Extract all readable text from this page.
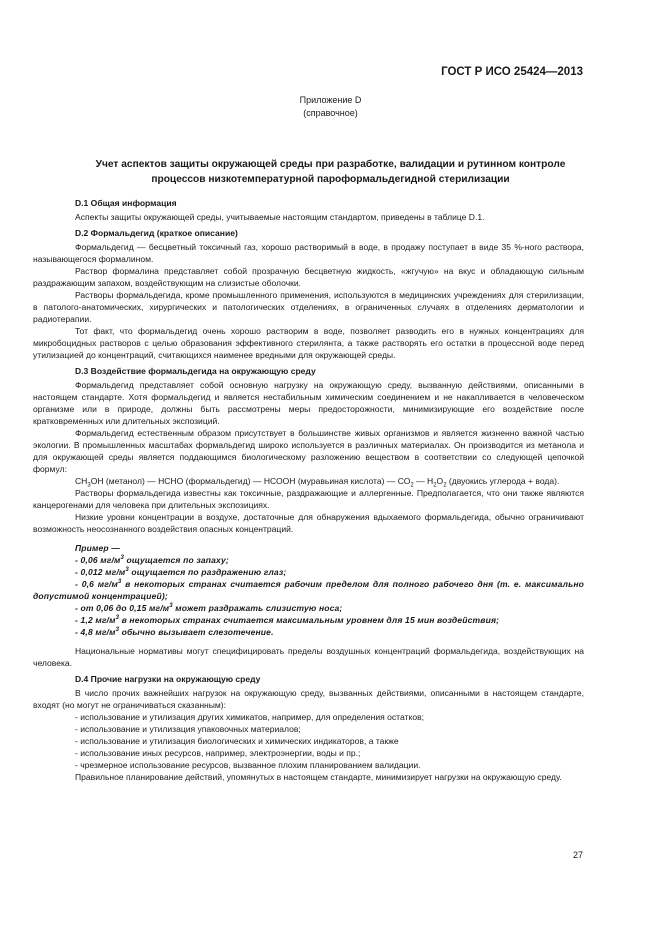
ГОСТ Р ИСО 25424—2013
Приложение D
(справочное)
Учет аспектов защиты окружающей среды при разработке, валидации и рутинном контроле
процессов низкотемпературной пароформальдегидной стерилизации

D.1 Общая информация

Аспекты защиты окружающей среды, учитываемые настоящим стандартом, приведены в таблице D.1.

D.2 Формальдегид (краткое описание)

Формальдегид — бесцветный токсичный газ, хорошо растворимый в воде, в продажу поступает в виде 35 %-ного раствора, называющегося формалином.

Раствор формалина представляет собой прозрачную бесцветную жидкость, «жгучую» на вкус и обладающую сильным раздражающим запахом, воздействующим на слизистые оболочки.

Растворы формальдегида, кроме промышленного применения, используются в медицинских учреждениях для стерилизации, в патолого-анатомических, хирургических и патологических отделениях, в ограниченных случаях в отделениях дерматологии и радиотерапии.

Тот факт, что формальдегид очень хорошо растворим в воде, позволяет разводить его в нужных концентрациях для микробоцидных растворов с целью образования эффективного стерилянта, а также растворять его остатки в процессной воде перед утилизацией до концентраций, считающихся наименее вредными для окружающей среды.

D.3 Воздействие формальдегида на окружающую среду

Формальдегид представляет собой основную нагрузку на окружающую среду, вызванную действиями, описанными в настоящем стандарте. Хотя формальдегид и является нестабильным химическим соединением и не накапливается в человеческом организме или в природе, должны быть рассмотрены меры предосторожности, минимизирующие его воздействие после кратковременных или длительных экспозиций.

Формальдегид естественным образом присутствует в большинстве живых организмов и является жизненно важной частью экологии. В промышленных масштабах формальдегид широко используется в различных материалах. Он производится из метанола и для окружающей среды является поддающимся биологическому разложению веществом в соответствии со следующей цепочкой формул:

$CH_3OH$ (метанол) — НСНО (формальдегид) — НСООН (муравьиная кислота) — $СО_2$ — $Н_2О_2$ (двуокись углерода + вода).

Растворы формальдегида известны как токсичные, раздражающие и аллергенные. Предполагается, что они также являются канцерогенами для человека при длительных экспозициях.

Низкие уровни концентрации в воздухе, достаточные для обнаружения вдыхаемого формальдегида, обычно ограничивают возможность неосознанного воздействия опасных концентраций.

Пример —

- 0,06 $мг/м^3$ ощущается по запаху;

- 0,012 $мг/м^3$ ощущается по раздражению глаз;

- 0,6 $мг/м^3$ в некоторых странах считается рабочим пределом для полного рабочего дня (т. е. максимально допустимой концентрацией);

- от 0,06 до 0,15 $мг/м^3$ может раздражать слизистую носа;

- 1,2 $мг/м^3$ в некоторых странах считается максимальным уровнем для 15 мин воздействия;

- 4,8 $мг/м^3$ обычно вызывает слезотечение.

Национальные нормативы могут специфицировать пределы воздушных концентраций формальдегида, воздействующих на человека.

D.4 Прочие нагрузки на окружающую среду

В число прочих важнейших нагрузок на окружающую среду, вызванных действиями, описанными в настоящем стандарте, входят (но могут не ограничиваться сказанным):

- использование и утилизация других химикатов, например, для определения остатков;

- использование и утилизация упаковочных материалов;

- использование и утилизация биологических и химических индикаторов, а также

- использование иных ресурсов, например, электроэнергии, воды и пр.;

- чрезмерное использование ресурсов, вызванное плохим планированием валидации.

Правильное планирование действий, упомянутых в настоящем стандарте, минимизирует нагрузки на окружающую среду.

27
